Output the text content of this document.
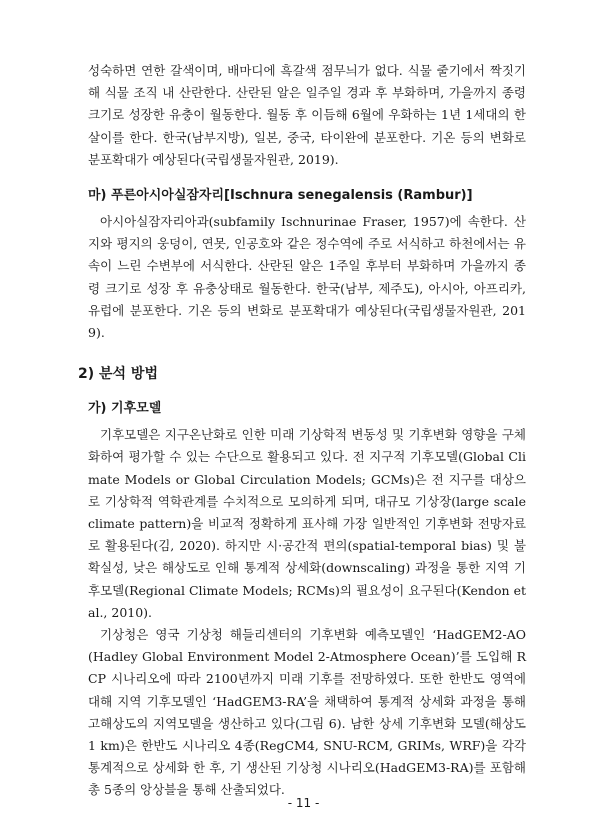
성숙하면 연한 갈색이며, 배마디에 흑갈색 점무늬가 없다. 식물 줄기에서 짝짓기해 식물 조직 내 산란한다. 산란된 알은 일주일 경과 후 부화하며, 가을까지 종령 크기로 성장한 유충이 월동한다. 월동 후 이듬해 6월에 우화하는 1년 1세대의 한살이를 한다. 한국(남부지방), 일본, 중국, 타이완에 분포한다. 기온 등의 변화로 분포확대가 예상된다(국립생물자원관, 2019).

마) 푸른아시아실잠자리[Ischnura senegalensis (Rambur)]

아시아실잠자리아과(subfamily Ischnurinae Fraser, 1957)에 속한다. 산지와 평지의 웅덩이, 연못, 인공호와 같은 정수역에 주로 서식하고 하천에서는 유속이 느린 수변부에 서식한다. 산란된 알은 1주일 후부터 부화하며 가을까지 종령 크기로 성장 후 유충상태로 월동한다. 한국(남부, 제주도), 아시아, 아프리카, 유럽에 분포한다. 기온 등의 변화로 분포확대가 예상된다(국립생물자원관, 2019).

2) 분석 방법
가) 기후모델

기후모델은 지구온난화로 인한 미래 기상학적 변동성 및 기후변화 영향을 구체화하여 평가할 수 있는 수단으로 활용되고 있다. 전 지구적 기후모델(Global Climate Models or Global Circulation Models; GCMs)은 전 지구를 대상으로 기상학적 역학관계를 수치적으로 모의하게 되며, 대규모 기상장(large scale climate pattern)을 비교적 정확하게 표사해 가장 일반적인 기후변화 전망자료로 활용된다(김, 2020). 하지만 시·공간적 편의(spatial-temporal bias) 및 불확실성, 낮은 해상도로 인해 통계적 상세화(downscaling) 과정을 통한 지역 기후모델(Regional Climate Models; RCMs)의 필요성이 요구된다(Kendon et al., 2010).

기상청은 영국 기상청 해들리센터의 기후변화 예측모델인 ‘HadGEM2-AO (Hadley Global Environment Model 2-Atmosphere Ocean)’를 도입해 RCP 시나리오에 따라 2100년까지 미래 기후를 전망하였다. 또한 한반도 영역에 대해 지역 기후모델인 ‘HadGEM3-RA’을 채택하여 통계적 상세화 과정을 통해 고해상도의 지역모델을 생산하고 있다(그림 6). 남한 상세 기후변화 모델(해상도 1 km)은 한반도 시나리오 4종(RegCM4, SNU-RCM, GRIMs, WRF)을 각각 통계적으로 상세화 한 후, 기 생산된 기상청 시나리오(HadGEM3-RA)를 포함해 총 5종의 앙상블을 통해 산출되었다.

- 11 -
